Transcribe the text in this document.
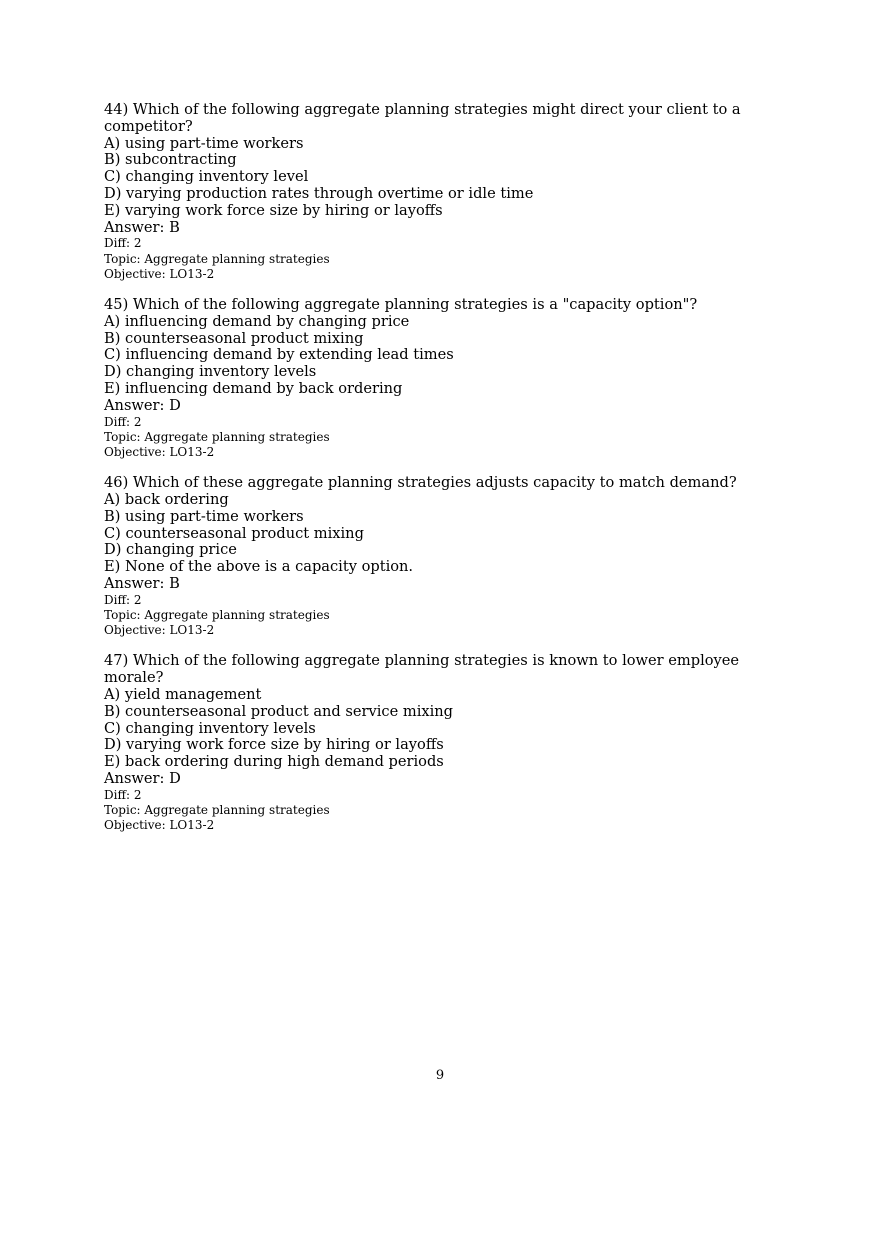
44) Which of the following aggregate planning strategies might direct your client to a competitor?

A) using part-time workers

B) subcontracting

C) changing inventory level

D) varying production rates through overtime or idle time

E) varying work force size by hiring or layoffs

Answer: B

Diff: 2

Topic: Aggregate planning strategies

Objective: LO13-2

45) Which of the following aggregate planning strategies is a "capacity option"?

A) influencing demand by changing price

B) counterseasonal product mixing

C) influencing demand by extending lead times

D) changing inventory levels

E) influencing demand by back ordering

Answer: D

Diff: 2

Topic: Aggregate planning strategies

Objective: LO13-2

46) Which of these aggregate planning strategies adjusts capacity to match demand?

A) back ordering

B) using part-time workers

C) counterseasonal product mixing

D) changing price

E) None of the above is a capacity option.

Answer: B

Diff: 2

Topic: Aggregate planning strategies

Objective: LO13-2

47) Which of the following aggregate planning strategies is known to lower employee morale?

A) yield management

B) counterseasonal product and service mixing

C) changing inventory levels

D) varying work force size by hiring or layoffs

E) back ordering during high demand periods

Answer: D

Diff: 2

Topic: Aggregate planning strategies

Objective: LO13-2

9
